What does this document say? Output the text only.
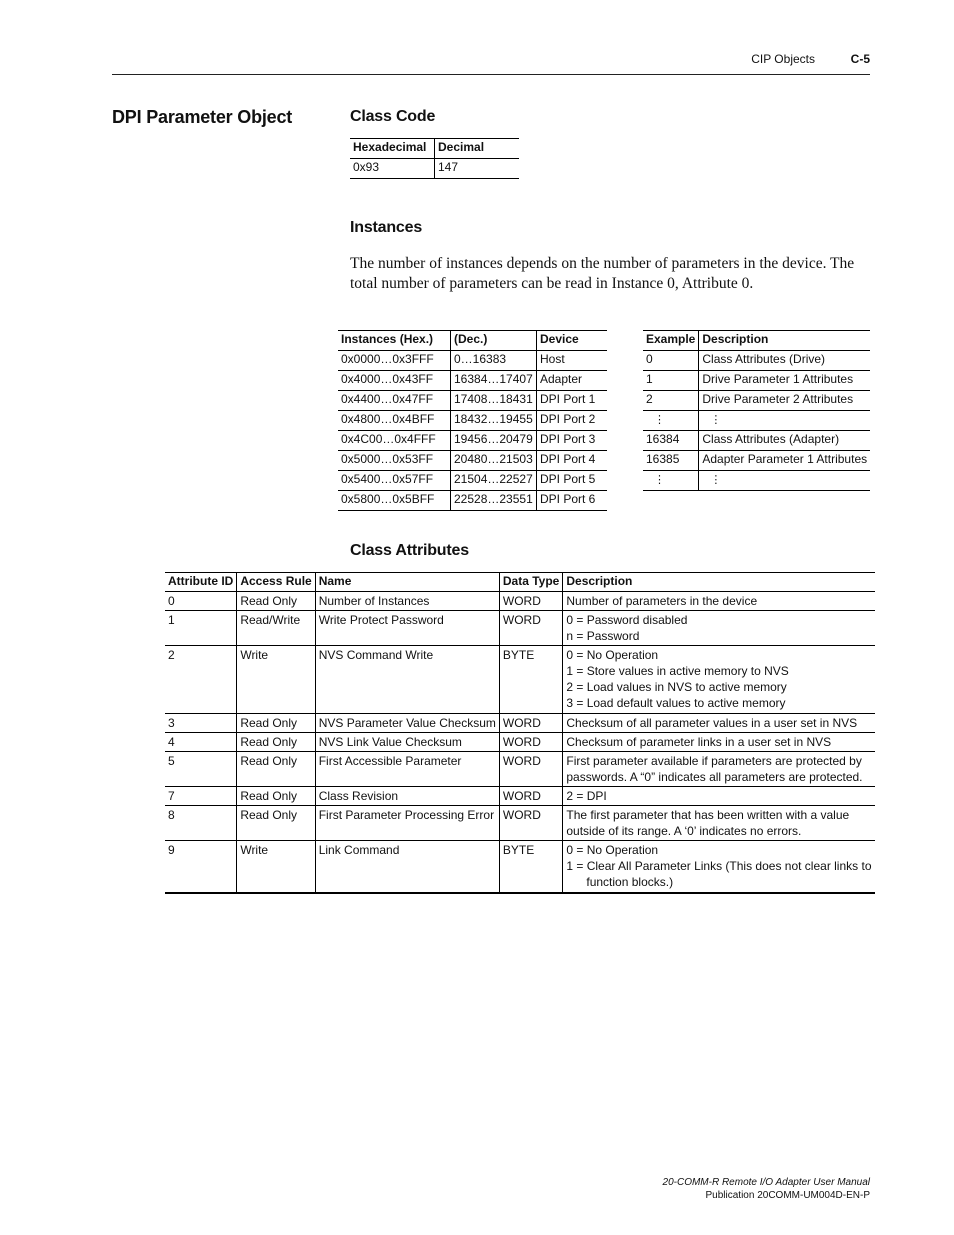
CIP Objects	C-5
DPI Parameter Object	Class Code
Hexadecimal	Decimal
0x93	147
Instances
The number of instances depends on the number of parameters in the device. The total number of parameters can be read in Instance 0, Attribute 0.
Instances (Hex.)	(Dec.)	Device
0x0000…0x3FFF	0…16383	Host
0x4000…0x43FF	16384…17407	Adapter
0x4400…0x47FF	17408…18431	DPI Port 1
0x4800…0x4BFF	18432…19455	DPI Port 2
0x4C00…0x4FFF	19456…20479	DPI Port 3
0x5000…0x53FF	20480…21503	DPI Port 4
0x5400…0x57FF	21504…22527	DPI Port 5
0x5800…0x5BFF	22528…23551	DPI Port 6
Example	Description
0	Class Attributes (Drive)
1	Drive Parameter 1 Attributes
2	Drive Parameter 2 Attributes
⋮	⋮
16384	Class Attributes (Adapter)
16385	Adapter Parameter 1 Attributes
⋮	⋮
Class Attributes
Attribute ID	Access Rule	Name	Data Type	Description
0	Read Only	Number of Instances	WORD	Number of parameters in the device

1	Read/Write	Write Protect Password	WORD	0 = Password disabled
n = Password

2	Write	NVS Command Write	BYTE	0 = No Operation
1 = Store values in active memory to NVS
2 = Load values in NVS to active memory
3 = Load default values to active memory

3	Read Only	NVS Parameter Value Checksum	WORD	Checksum of all parameter values in a user set in NVS

4	Read Only	NVS Link Value Checksum	WORD	Checksum of parameter links in a user set in NVS

5	Read Only	First Accessible Parameter	WORD	First parameter available if parameters are protected by
passwords. A “0” indicates all parameters are protected.

7	Read Only	Class Revision	WORD	2 = DPI

8	Read Only	First Parameter Processing Error	WORD	The first parameter that has been written with a value
outside of its range. A ‘0’ indicates no errors.

9	Write	Link Command	BYTE	0 = No Operation
1 = Clear All Parameter Links (This does not clear links to
function blocks.)
20-COMM-R Remote I/O Adapter User Manual
Publication 20COMM-UM004D-EN-P
